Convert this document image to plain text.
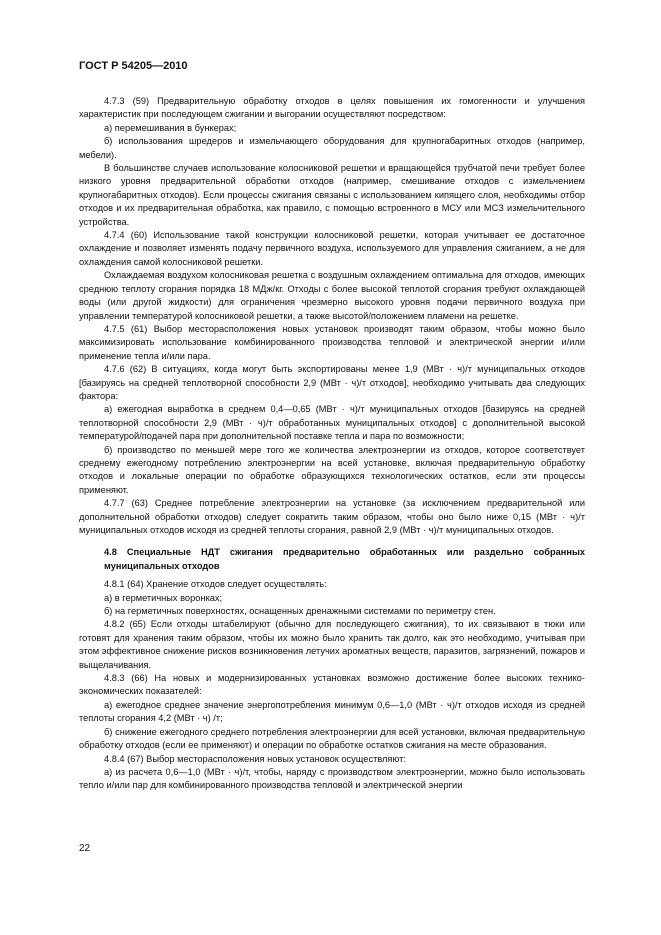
ГОСТ Р 54205—2010

4.7.3 (59) Предварительную обработку отходов в целях повышения их гомогенности и улучшения характеристик при последующем сжигании и выгорании осуществляют посредством:

а) перемешивания в бункерах;

б) использования шредеров и измельчающего оборудования для крупногабаритных отходов (например, мебели).

В большинстве случаев использование колосниковой решетки и вращающейся трубчатой печи требует более низкого уровня предварительной обработки отходов (например, смешивание отходов с измельчением крупногабаритных отходов). Если процессы сжигания связаны с использованием кипящего слоя, необходимы отбор отходов и их предварительная обработка, как правило, с помощью встроенного в МСУ или МСЗ измельчительного устройства.

4.7.4 (60) Использование такой конструкции колосниковой решетки, которая учитывает ее достаточное охлаждение и позволяет изменять подачу первичного воздуха, используемого для управления сжиганием, а не для охлаждения самой колосниковой решетки.

Охлаждаемая воздухом колосниковая решетка с воздушным охлаждением оптимальна для отходов, имеющих среднюю теплоту сгорания порядка 18 МДж/кг. Отходы с более высокой теплотой сгорания требуют охлаждающей воды (или другой жидкости) для ограничения чрезмерно высокого уровня подачи первичного воздуха при управлении температурой колосниковой решетки, а также высотой/положением пламени на решетке.

4.7.5 (61) Выбор месторасположения новых установок производят таким образом, чтобы можно было максимизировать использование комбинированного производства тепловой и электрической энергии и/или применение тепла и/или пара.

4.7.6 (62) В ситуациях, когда могут быть экспортированы менее 1,9 (МВт · ч)/т муниципальных отходов [базируясь на средней теплотворной способности 2,9 (МВт · ч)/т отходов], необходимо учитывать два следующих фактора:

а) ежегодная выработка в среднем 0,4—0,65 (МВт · ч)/т муниципальных отходов [базируясь на средней теплотворной способности 2,9 (МВт · ч)/т обработанных муниципальных отходов] с дополнительной высокой температурой/подачей пара при дополнительной поставке тепла и пара по возможности;

б) производство по меньшей мере того же количества электроэнергии из отходов, которое соответствует среднему ежегодному потреблению электроэнергии на всей установке, включая предварительную обработку отходов и локальные операции по обработке образующихся технологических остатков, если эти процессы применяют.

4.7.7 (63) Среднее потребление электроэнергии на установке (за исключением предварительной или дополнительной обработки отходов) следует сократить таким образом, чтобы оно было ниже 0,15 (МВт · ч)/т муниципальных отходов исходя из средней теплоты сгорания, равной 2,9 (МВт · ч)/т муниципальных отходов.

4.8 Специальные НДТ сжигания предварительно обработанных или раздельно собранных муниципальных отходов

4.8.1 (64) Хранение отходов следует осуществлять:

а) в герметичных воронках;

б) на герметичных поверхностях, оснащенных дренажными системами по периметру стен.

4.8.2 (65) Если отходы штабелируют (обычно для последующего сжигания), то их связывают в тюки или готовят для хранения таким образом, чтобы их можно было хранить так долго, как это необходимо, учитывая при этом эффективное снижение рисков возникновения летучих ароматных веществ, паразитов, загрязнений, пожаров и выщелачивания.

4.8.3 (66) На новых и модернизированных установках возможно достижение более высоких технико-экономических показателей:

а) ежегодное среднее значение энергопотребления минимум 0,6—1,0 (МВт · ч)/т отходов исходя из средней теплоты сгорания 4,2 (МВт · ч) /т;

б) снижение ежегодного среднего потребления электроэнергии для всей установки, включая предварительную обработку отходов (если ее применяют) и операции по обработке остатков сжигания на месте образования.

4.8.4 (67) Выбор месторасположения новых установок осуществляют:

а) из расчета 0,6—1,0 (МВт · ч)/т, чтобы, наряду с производством электроэнергии, можно было использовать тепло и/или пар для комбинированного производства тепловой и электрической энергии

22
